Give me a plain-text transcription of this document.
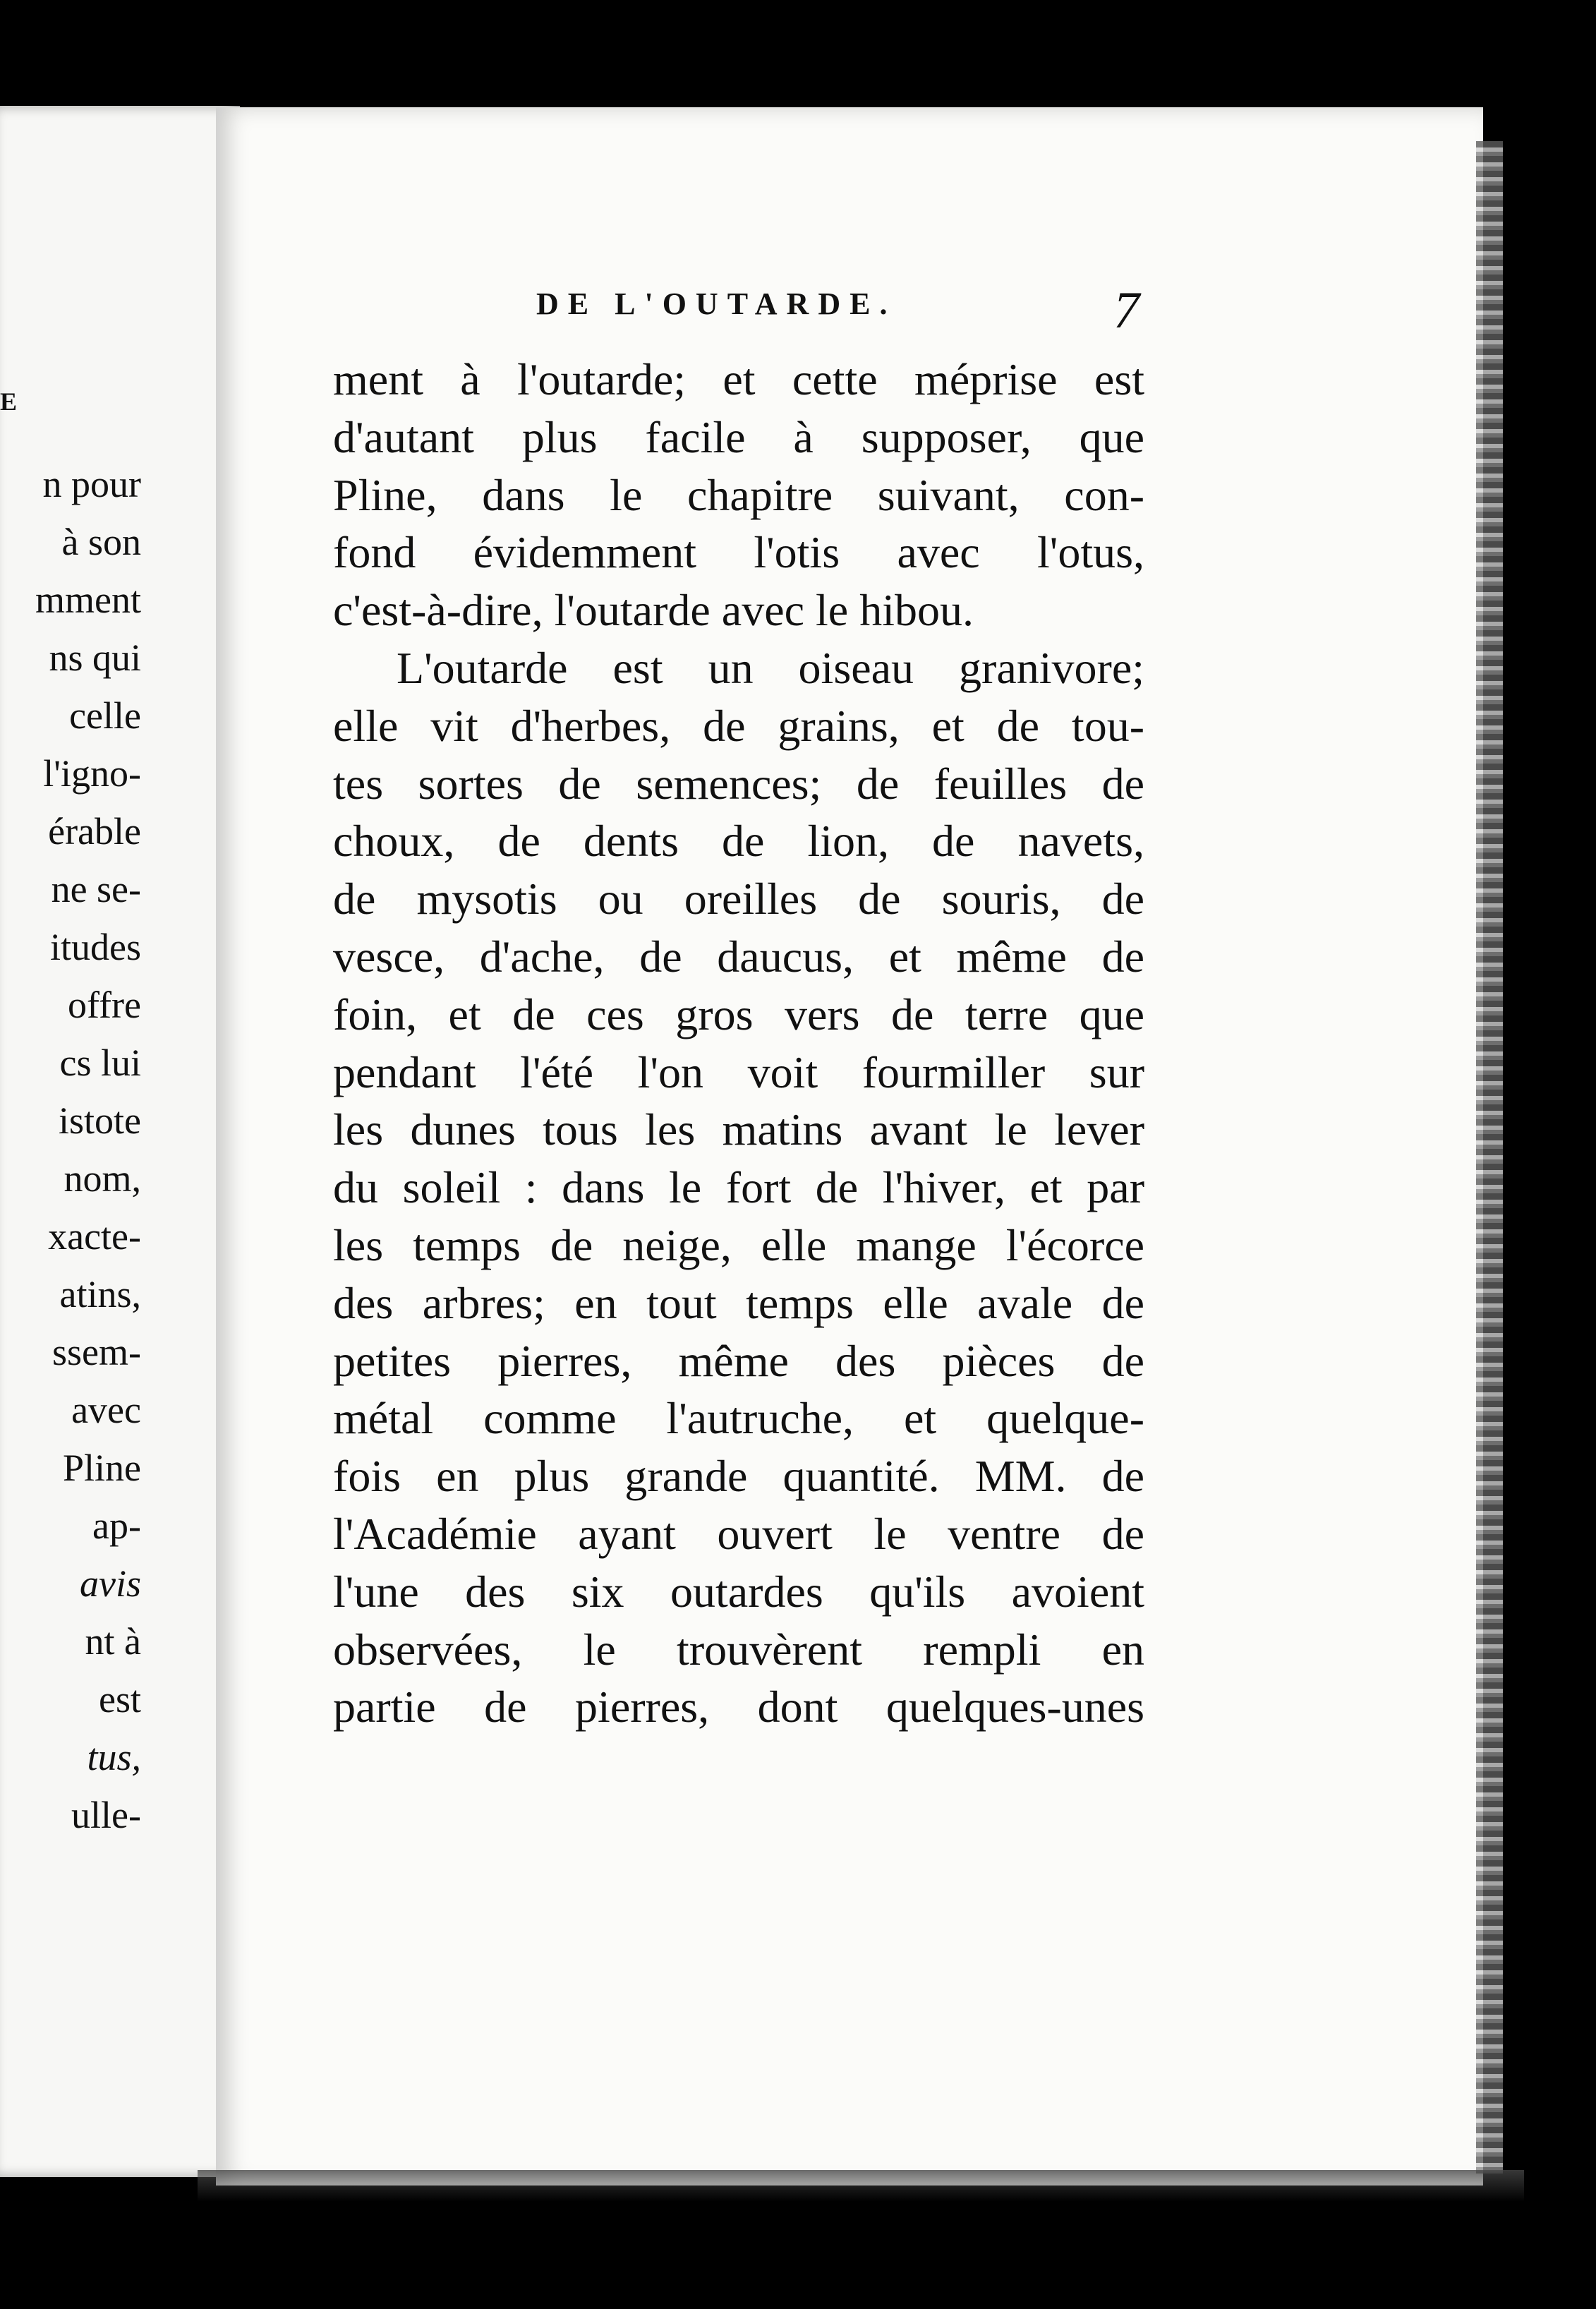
E
n pour
à son
mment
ns qui
celle
l'igno-
érable
ne se-
itudes
offre
cs lui
istote
nom,
xacte-
atins,
ssem-
avec
Pline
ap-
avis
nt à
est
tus,
ulle-
DE L'OUTARDE.	7
ment à l'outarde; et cette méprise est
d'autant plus facile à supposer, que
Pline, dans le chapitre suivant, con-
fond évidemment l'otis avec l'otus,
c'est-à-dire, l'outarde avec le hibou.
L'outarde est un oiseau granivore;
elle vit d'herbes, de grains, et de tou-
tes sortes de semences; de feuilles de
choux, de dents de lion, de navets,
de mysotis ou oreilles de souris, de
vesce, d'ache, de daucus, et même de
foin, et de ces gros vers de terre que
pendant l'été l'on voit fourmiller sur
les dunes tous les matins avant le lever
du soleil : dans le fort de l'hiver, et par
les temps de neige, elle mange l'écorce
des arbres; en tout temps elle avale de
petites pierres, même des pièces de
métal comme l'autruche, et quelque-
fois en plus grande quantité. MM. de
l'Académie ayant ouvert le ventre de
l'une des six outardes qu'ils avoient
observées, le trouvèrent rempli en
partie de pierres, dont quelques-unes
